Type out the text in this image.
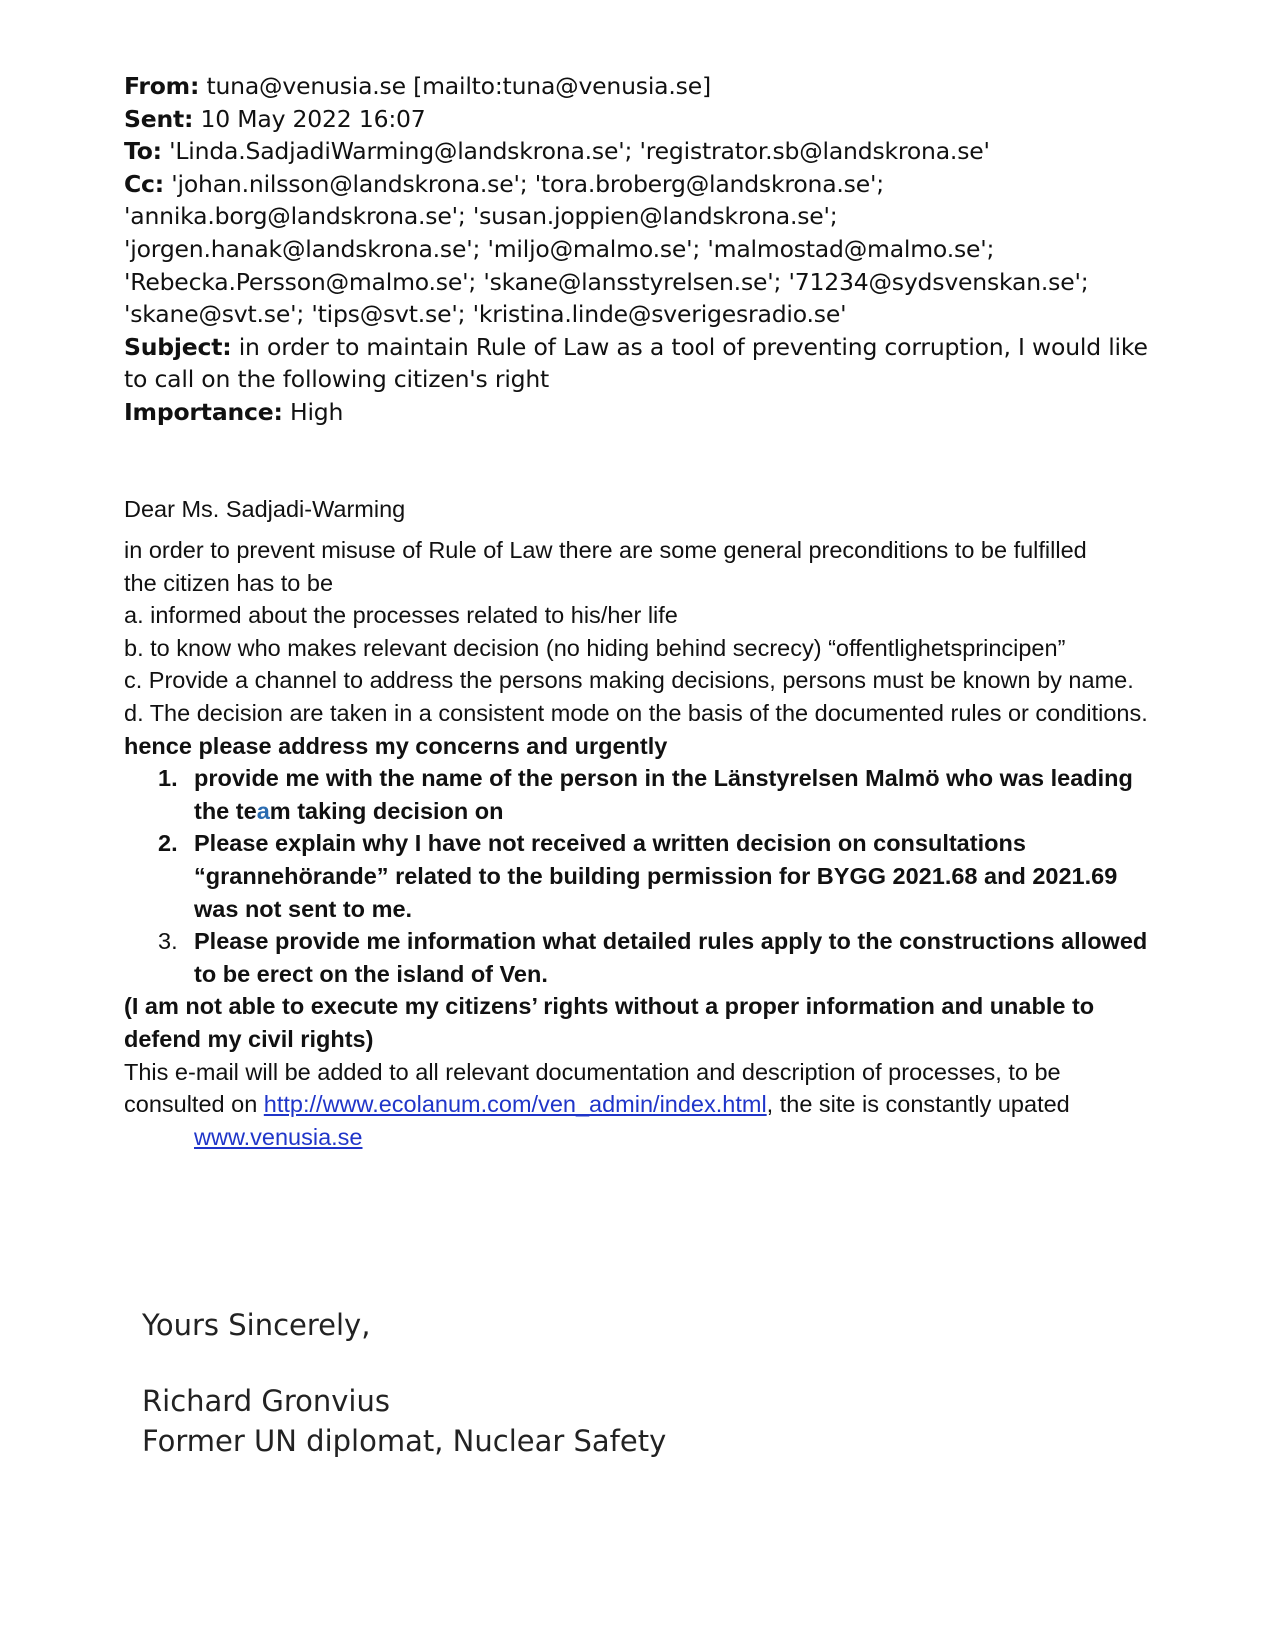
From: tuna@venusia.se [mailto:tuna@venusia.se]
Sent: 10 May 2022 16:07
To: 'Linda.SadjadiWarming@landskrona.se'; 'registrator.sb@landskrona.se'
Cc: 'johan.nilsson@landskrona.se'; 'tora.broberg@landskrona.se';
'annika.borg@landskrona.se'; 'susan.joppien@landskrona.se';
'jorgen.hanak@landskrona.se'; 'miljo@malmo.se'; 'malmostad@malmo.se';
'Rebecka.Persson@malmo.se'; 'skane@lansstyrelsen.se'; '71234@sydsvenskan.se';
'skane@svt.se'; 'tips@svt.se'; 'kristina.linde@sverigesradio.se'
Subject: in order to maintain Rule of Law as a tool of preventing corruption, I would like to call on the following citizen's right
Importance: High

Dear Ms. Sadjadi-Warming

in order to prevent misuse of Rule of Law there are some general preconditions to be fulfilled

the citizen has to be

a. informed about the processes related to his/her life

b. to know who makes relevant decision (no hiding behind secrecy) “offentlighetsprincipen”

c. Provide a channel to address the persons making decisions, persons must be known by name.

d. The decision are taken in a consistent mode on the basis of the documented rules or conditions.

hence please address my concerns and urgently

1. provide me with the name of the person in the Länstyrelsen Malmö who was leading the team taking decision on
2. Please explain why I have not received a written decision on consultations “grannehörande” related to the building permission for BYGG 2021.68 and 2021.69 was not sent to me.
3. Please provide me information what detailed rules apply to the constructions allowed to be erect on the island of Ven.

(I am not able to execute my citizens’ rights without a proper information and unable to defend my civil rights)

This e-mail will be added to all relevant documentation and description of processes, to be consulted on http://www.ecolanum.com/ven_admin/index.html, the site is constantly upated

www.venusia.se

Yours Sincerely,

Richard Gronvius

Former UN diplomat, Nuclear Safety
